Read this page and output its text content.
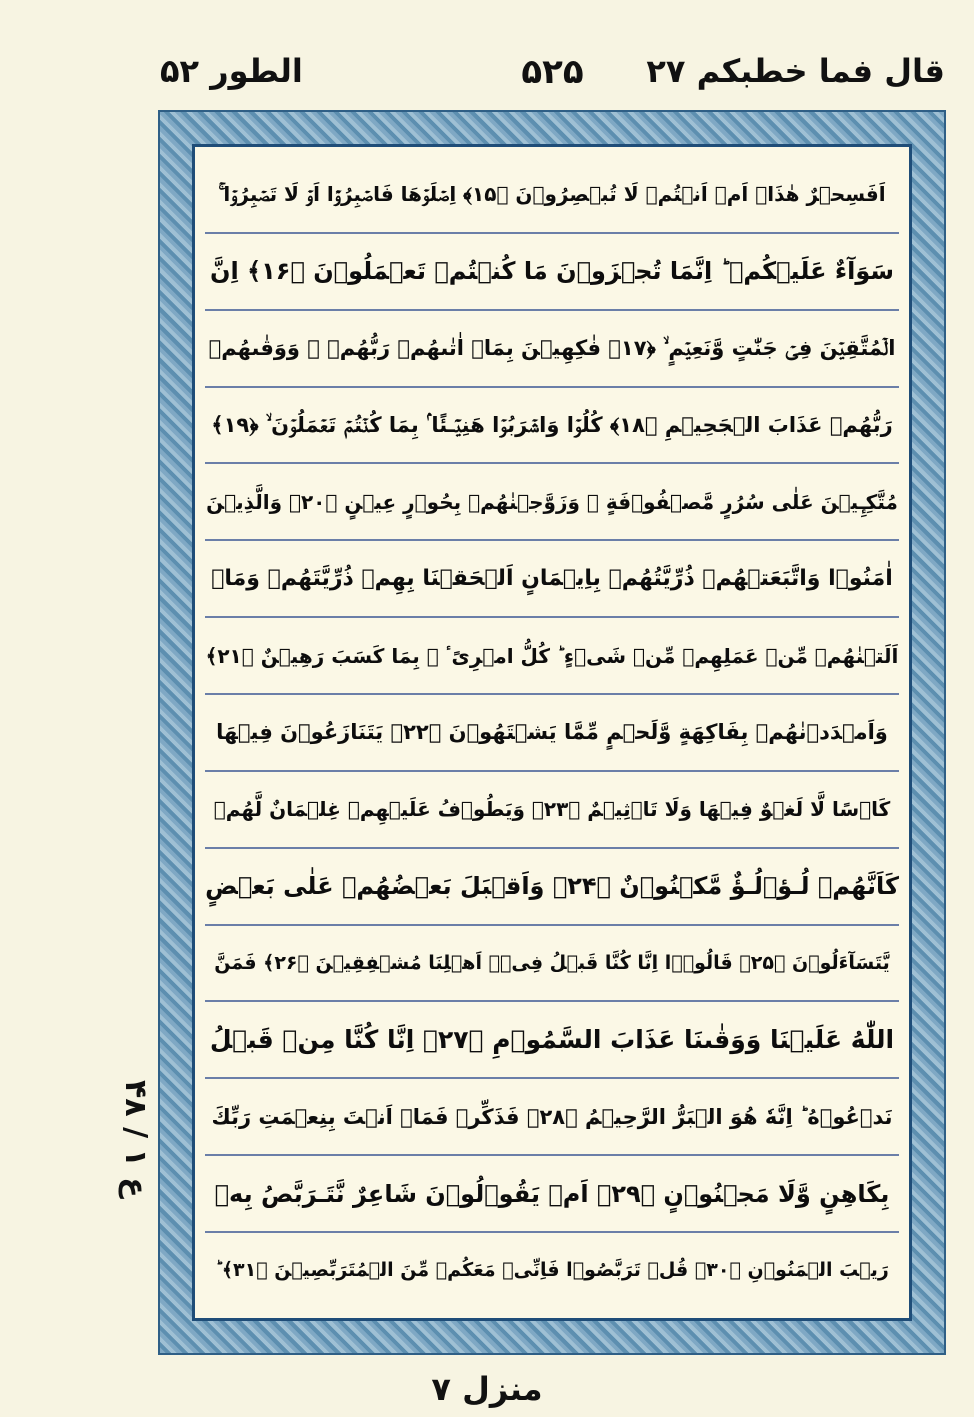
قال فما خطبكم ۲۷
۵۲۵
الطور ۵۲
ع ۱ / ۴۸
اَفَسِحۡرٌ هٰذَاۤ اَمۡ اَنۡتُمۡ لَا تُبۡصِرُوۡنَ ﴿۱۵﴾ اِصۡلَوۡهَا فَاصۡبِرُوۡۤا اَوۡ لَا تَصۡبِرُوۡا ۚ
سَوَآءٌ عَلَيۡكُمۡ ؕ اِنَّمَا تُجۡزَوۡنَ مَا كُنۡتُمۡ تَعۡمَلُوۡنَ ﴿۱۶﴾ اِنَّ
الۡمُتَّقِيۡنَ فِىۡ جَنّٰتٍ وَّنَعِيۡمٍ ۙ ﴿۱۷﴾ فٰكِهِيۡنَ بِمَاۤ اٰتٰٮهُمۡ رَبُّهُمۡ ۚ وَوَقٰٮهُمۡ
رَبُّهُمۡ عَذَابَ الۡجَحِيۡمِ ﴿۱۸﴾ كُلُوۡا وَاشۡرَبُوۡا هَنِيۡٓـئًا ۢ بِمَا كُنۡتُمۡ تَعۡمَلُوۡنَ ۙ ﴿۱۹﴾
مُتَّكِـِٕيۡنَ عَلٰى سُرُرٍ مَّصۡفُوۡفَةٍ ۚ وَزَوَّجۡنٰهُمۡ بِحُوۡرٍ عِيۡنٍ ﴿۲۰﴾ وَالَّذِيۡنَ
اٰمَنُوۡا وَاتَّبَعَتۡهُمۡ ذُرِّيَّتُهُمۡ بِاِيۡمَانٍ اَلۡحَقۡنَا بِهِمۡ ذُرِّيَّتَهُمۡ وَمَاۤ
اَلَتۡنٰهُمۡ مِّنۡ عَمَلِهِمۡ مِّنۡ شَىۡءٍ ؕ كُلُّ امۡرِیًٴ ۢ بِمَا كَسَبَ رَهِيۡنٌ ﴿۲۱﴾
وَاَمۡدَدۡنٰهُمۡ بِفَاكِهَةٍ وَّلَحۡمٍ مِّمَّا يَشۡتَهُوۡنَ ﴿۲۲﴾ يَتَنَازَعُوۡنَ فِيۡهَا
كَاۡسًا لَّا لَغۡوٌ فِيۡهَا وَلَا تَاۡثِيۡمٌ ﴿۲۳﴾ وَيَطُوۡفُ عَلَيۡهِمۡ غِلۡمَانٌ لَّهُمۡ
كَاَنَّهُمۡ لُـؤۡلُـؤٌ مَّكۡنُوۡنٌ ﴿۲۴﴾ وَاَقۡبَلَ بَعۡضُهُمۡ عَلٰى بَعۡضٍ
يَّتَسَآءَلُوۡنَ ﴿۲۵﴾ قَالُوۡۤا اِنَّا كُنَّا قَبۡلُ فِىۡۤ اَهۡلِنَا مُشۡفِقِيۡنَ ﴿۲۶﴾ فَمَنَّ
اللّٰهُ عَلَيۡنَا وَوَقٰٮنَا عَذَابَ السَّمُوۡمِ ﴿۲۷﴾ اِنَّا كُنَّا مِنۡ قَبۡلُ
نَدۡعُوۡهُ ؕ اِنَّهٗ هُوَ الۡبَرُّ الرَّحِيۡمُ ﴿۲۸﴾ فَذَكِّرۡ فَمَاۤ اَنۡتَ بِنِعۡمَتِ رَبِّكَ
بِكَاهِنٍ وَّلَا مَجۡنُوۡنٍ ﴿۲۹﴾ اَمۡ يَقُوۡلُوۡنَ شَاعِرٌ نَّتَـرَبَّصُ بِهٖ
رَيۡبَ الۡمَنُوۡنِ ﴿۳۰﴾ قُلۡ تَرَبَّصُوۡا فَاِنِّىۡ مَعَكُمۡ مِّنَ الۡمُتَرَبِّصِيۡنَ ﴿۳۱﴾ ؕ
منزل ۷
